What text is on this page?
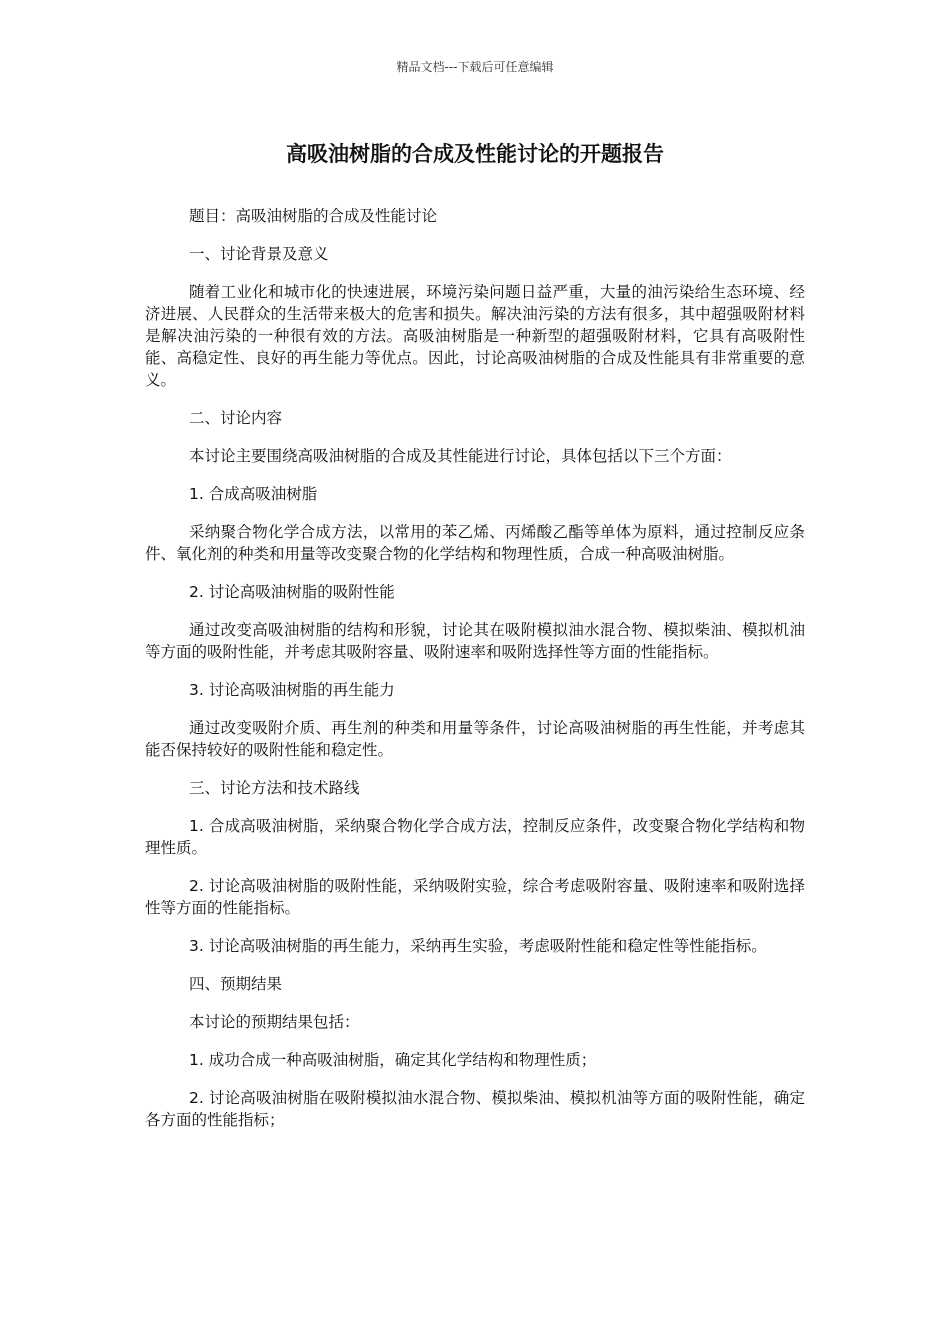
精品文档---下载后可任意编辑
高吸油树脂的合成及性能讨论的开题报告

题目：高吸油树脂的合成及性能讨论

一、讨论背景及意义

随着工业化和城市化的快速进展，环境污染问题日益严重，大量的油污染给生态环境、经济进展、人民群众的生活带来极大的危害和损失。解决油污染的方法有很多，其中超强吸附材料是解决油污染的一种很有效的方法。高吸油树脂是一种新型的超强吸附材料，它具有高吸附性能、高稳定性、良好的再生能力等优点。因此，讨论高吸油树脂的合成及性能具有非常重要的意义。

二、讨论内容

本讨论主要围绕高吸油树脂的合成及其性能进行讨论，具体包括以下三个方面：

1. 合成高吸油树脂

采纳聚合物化学合成方法，以常用的苯乙烯、丙烯酸乙酯等单体为原料，通过控制反应条件、氧化剂的种类和用量等改变聚合物的化学结构和物理性质，合成一种高吸油树脂。

2. 讨论高吸油树脂的吸附性能

通过改变高吸油树脂的结构和形貌，讨论其在吸附模拟油水混合物、模拟柴油、模拟机油等方面的吸附性能，并考虑其吸附容量、吸附速率和吸附选择性等方面的性能指标。

3. 讨论高吸油树脂的再生能力

通过改变吸附介质、再生剂的种类和用量等条件，讨论高吸油树脂的再生性能，并考虑其能否保持较好的吸附性能和稳定性。

三、讨论方法和技术路线

1. 合成高吸油树脂，采纳聚合物化学合成方法，控制反应条件，改变聚合物化学结构和物理性质。

2. 讨论高吸油树脂的吸附性能，采纳吸附实验，综合考虑吸附容量、吸附速率和吸附选择性等方面的性能指标。

3. 讨论高吸油树脂的再生能力，采纳再生实验，考虑吸附性能和稳定性等性能指标。

四、预期结果

本讨论的预期结果包括：

1. 成功合成一种高吸油树脂，确定其化学结构和物理性质；

2. 讨论高吸油树脂在吸附模拟油水混合物、模拟柴油、模拟机油等方面的吸附性能，确定各方面的性能指标；
